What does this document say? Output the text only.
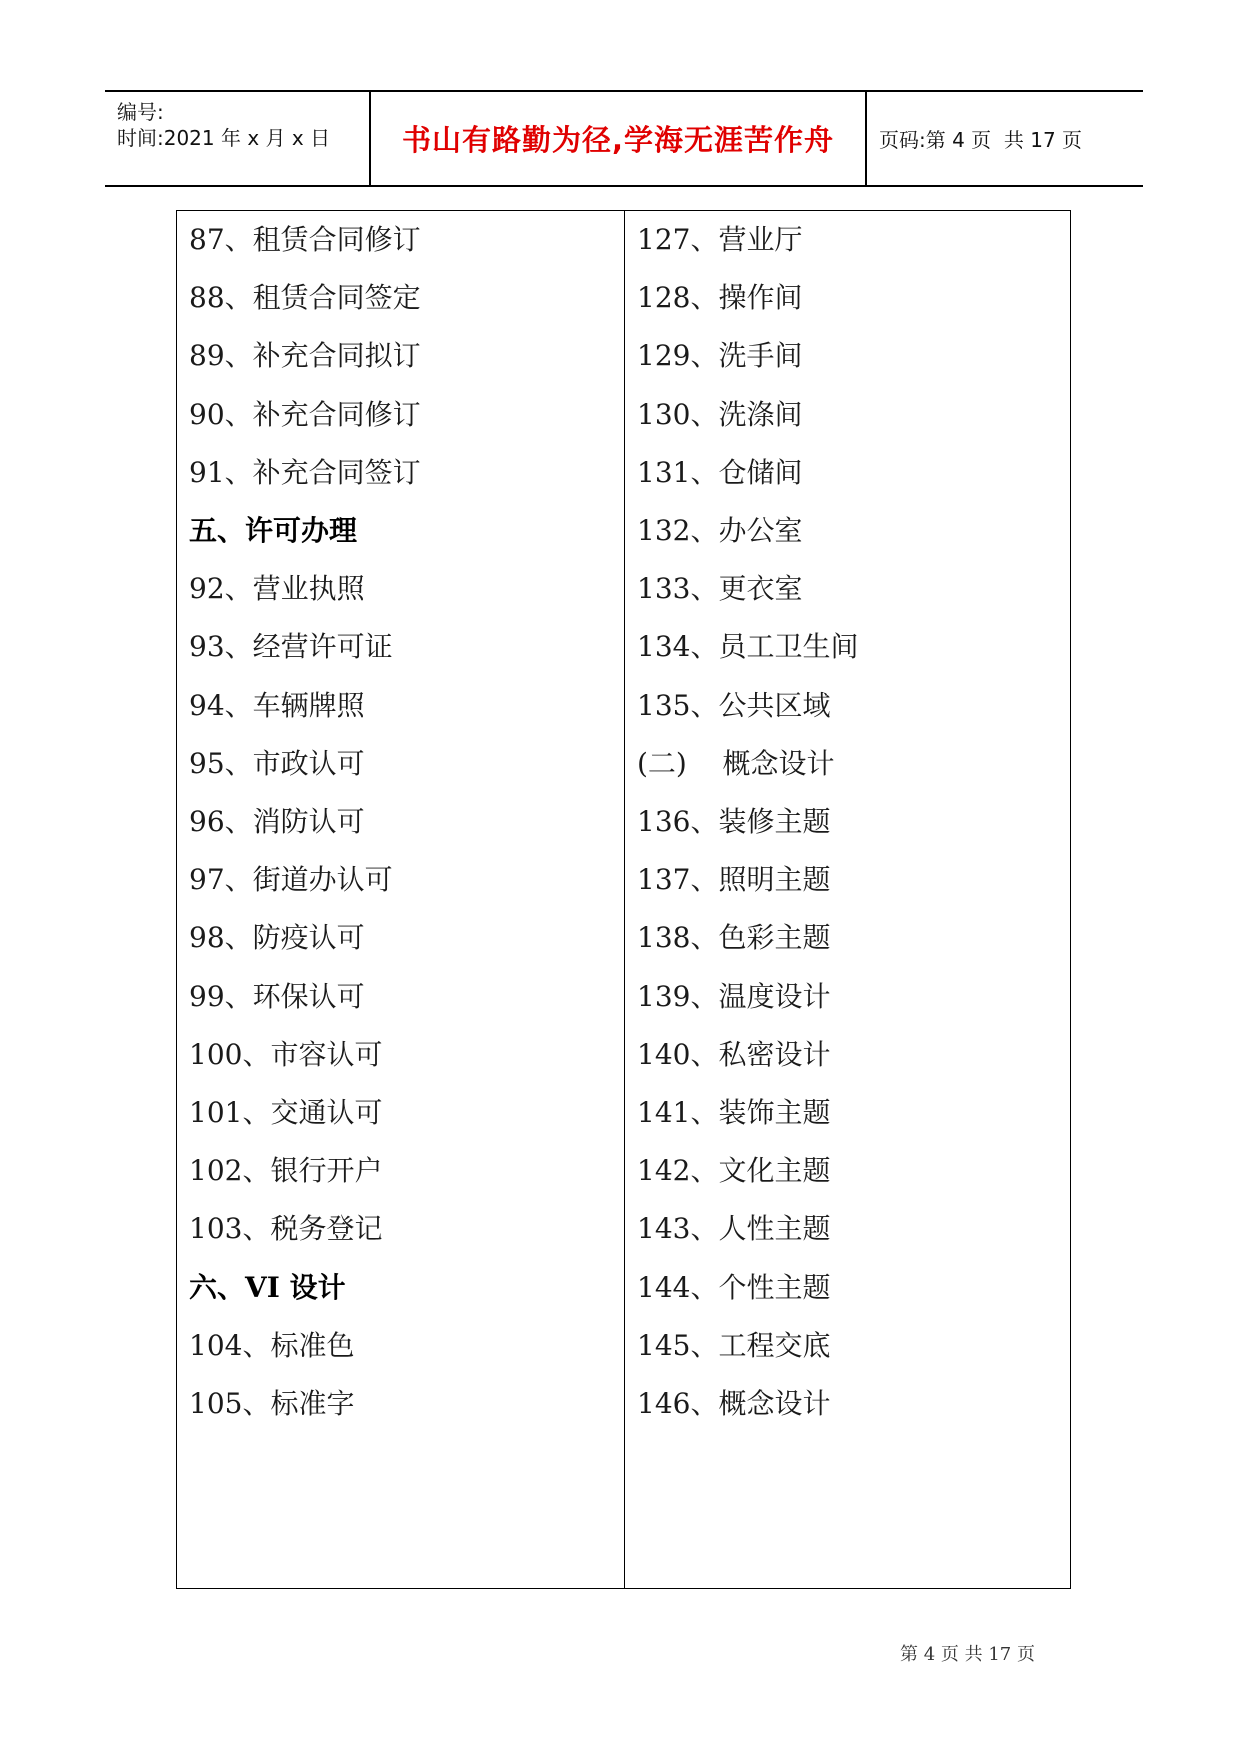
编号:
时间:2021 年 x 月 x 日 书山有路勤为径,学海无涯苦作舟 页码:第 4 页  共 17 页
87、租赁合同修订
88、租赁合同签定
89、补充合同拟订
90、补充合同修订
91、补充合同签订
五、许可办理
92、营业执照
93、经营许可证
94、车辆牌照
95、市政认可
96、消防认可
97、街道办认可
98、防疫认可
99、环保认可
100、市容认可
101、交通认可
102、银行开户
103、税务登记
六、VI 设计
104、标准色
105、标准字
127、营业厅
128、操作间
129、洗手间
130、洗涤间
131、仓储间
132、办公室
133、更衣室
134、员工卫生间
135、公共区域
(二)    概念设计
136、装修主题
137、照明主题
138、色彩主题
139、温度设计
140、私密设计
141、装饰主题
142、文化主题
143、人性主题
144、个性主题
145、工程交底
146、概念设计
第 4 页 共 17 页
